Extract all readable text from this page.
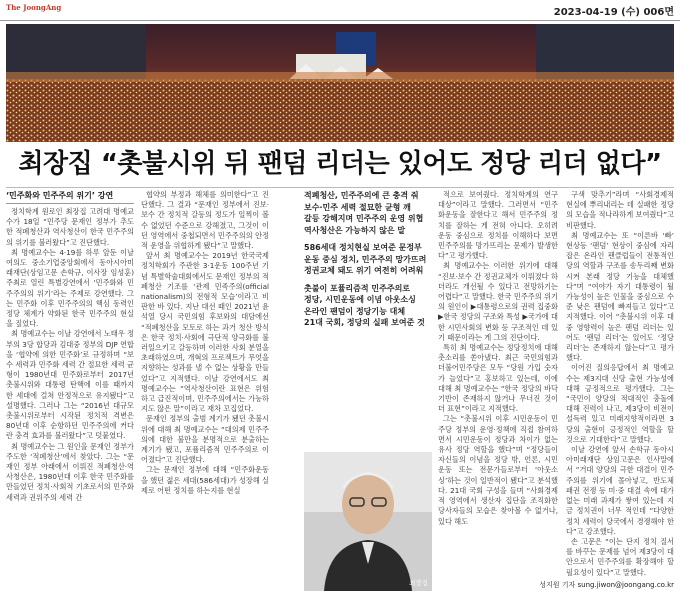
The JoongAng	2023-04-19 (수) 006면
최장집 “촛불시위 뒤 팬덤 리더는 있어도 정당 리더 없다”
‘민주화와 민주주의 위기’ 강연

정치학계 원로인 최장집 고려대 명예교수가 18일 “민주당 문재인 정부가 추도한 적폐청산과 역사청산이 한국 민주주의의 위기를 불러왔다”고 진단했다.

최 명예교수는 4·19를 하루 앞둔 이날 여의도 중소기업중앙회에서 동아시아미래재단(상임고문 손학규, 이사장 임성훈) 주최로 열린 특별강연에서 ‘민주화와 민주주의의 위기’라는 주제로 강연했다. 그는 민주화 이후 민주주의의 핵심 동력인 정당 체계가 약화된 한국 민주주의 현실을 짚었다.

최 명예교수는 이날 강연에서 노태우 정부의 3당 합당과 김대중 정부의 DJP 연합을 ‘협약에 의한 민주화’로 규정하며 “보수 세력과 민주화 세력 간 절묘한 세력 균형이 1980년대 민주화로부터 2017년 촛불시위와 대통령 탄핵에 이를 때까지 한 세대에 걸쳐 안정적으로 유지됐다”고 설명했다. 그러나 그는 “2016년 대규모 촛불시위로부터 시작된 정치적 격변은 80년대 이후 순항하던 민주주의에 커다란 충격 효과를 불러왔다”고 덧붙였다.

최 명예교수는 그 원인을 문재인 정부가 주도한 ‘적폐청산’에서 찾았다. 그는 “문재인 정부 아래에서 이뤄진 적폐청산·역사청산은, 1980년대 이후 한국 민주화를 만들었던 정치·사회적 기초로서의 민주화 세력과 권위주의 세력 간

협약의 부정과 해체를 의미한다”고 진단했다. 그 결과 “문재인 정부에서 진보·보수 간 정치적 갈등의 정도가 일찍이 볼 수 없었던 수준으로 강해졌고, 그것이 이던 영역에서 중첩되면서 민주주의의 안정적 운영을 위협하게 됐다”고 말했다.

앞서 최 명예교수는 2019년 한국국제정치학회가 주관한 3·1운동 100주년 기념 특별학술대회에서도 문재인 정부의 적폐청산 기조를 ‘관제 민족주의(official nationalism)의 전형적 모습’이라고 비판한 바 있다. 지난 대선 때인 2021년 윤석열 당시 국민의힘 후보와의 대담에선 “적폐청산을 모토로 하는 과거 청산 방식은 한국 정치·사회에 극단적 양극화를 불러일으키고 갈등하며 이러한 사회 분열을 초래하였으며, 개혁의 프로젝트가 무엇을 지향하는 성과를 낼 수 없는 상황을 만들었다”고 지적했다. 이날 강연에서도 최 명예교수는 “역사청산이란 표현은 위험하고 급진적이며, 민주주의에서는 가능하지도 않은 말”이라고 재차 꼬집었다.

문재인 정부의 출범 계기가 됐던 촛불시위에 대해 최 명예교수는 “대의제 민주주의에 대한 불만을 분명적으로 분출하는 계기가 됐고, 포퓰리즘적 민주주의로 이어졌다”고 진단했다.

그는 문재인 정부에 대해 “민주화운동을 했던 젊은 세대(586세대)가 성장해 실제로 어떤 정치를 하는지를 현실

적폐청산, 민주주의에 큰 충격 줘
보수·민주 세력 절묘한 균형 깨
갈등 강해지며 민주주의 운영 위협
역사청산은 가능하지 않은 말
586세대 정치현실 보여준 문정부
운동 중심 정치, 민주주의 망가뜨려
정권교체 돼도 위기 여전히 어려워
촛불이 포퓰리즘적 민주주의로
정당, 시민운동에 이념 아웃소싱
온라인 팬덤이 정당기능 대체
21대 국회, 정당의 실패 보여준 것
최장집

적으로 보여줬다. 정치학계의 연구 대상”이라고 말했다. 그러면서 “민주화운동을 잘한다고 해서 민주주의 정치를 잘하는 게 전혀 아니다. 오히려 운동 중심으로 정치를 이해하다 보면 민주주의를 망가뜨리는 문제가 발생한다”고 평가했다.

최 명예교수는 이러한 위기에 대해 “진보·보수 간 정권교체가 이뤄졌다 하더라도 개선될 수 있다고 전망하기는 어렵다”고 말했다. 한국 민주주의 위기의 원인이 ▶대통령으로의 권력 집중화 ▶한국 정당의 구조와 특성 ▶국가에 대한 시민사회의 변화 등 구조적인 데 있기 때문이라는 게 그의 진단이다.

특히 최 명예교수는 정당정치에 대해 촛소리를 쏟아냈다. 최근 국민의힘과 더불어민주당은 모두 “당원 가입 숫자가 늘었다”고 홍보하고 있는데, 이에 대해 최 명예교수는 “한국 정당의 바닥 기반이 존재하지 않거나 무너진 것이 더 표현”이라고 지적했다.

그는 “촛불시위 이후 시민운동이 민주당 정부의 운영·정책에 직접 참여하면서 시민운동이 정당과 차이가 없는 유사 정당 역할을 했다”며 “정당들이 자신들의 이념을 정당 밖, 언론, 시민운동 또는 전문가들로부터 ‘아웃소싱’하는 것이 일반적이 됐다”고 분석했다. 21대 국회 구성을 들며 “사회경제적 영역에서 생산자 집단을 조직화한 당사자들의 모습은 찾아볼 수 없거나, 있다 해도

구색 맞추기”라며 “사회경제적 현실에 뿌리내리는 데 실패한 정당의 모습을 적나라하게 보여줬다”고 비판했다.

최 명예교수는 또 “이른바 ‘빠’ 현상등 ‘팬덤’ 현상이 중심에 자리 잡은 온라인 팬클럽들이 전통적인 당의 역할과 구조를 송두리째 변화시켜 본래 정당 기능을 대체했다”며 “여야가 자기 대통령이 될 가능성이 높은 인물을 중심으로 수준 낮은 팬덤에 빠져들고 있다”고 지적했다. 이어 “촛불시위 이후 대중 영향력이 높은 팬덤 리더는 있어도 ‘팬덤 리더’는 있어도 ‘정당 리더’는 존재하지 않는다”고 평가했다.

이어진 질의응답에서 최 명예교수는 제3지대 신당 출현 가능성에 대해 긍정적으로 평가했다. 그는 “국민이 양당의 적대적인 충돌에 대해 진력이 나고, 제3당이 비전이 설득력 있고 미래지향적이라면 3당의 출현이 긍정적인 역할을 할 것으로 기대한다”고 말했다.

이날 강연에 앞서 손학규 동아시아미래재단 상임고문은 인사말에서 “거대 양당의 극한 대결이 민주주의를 위기에 몰아넣고, 반도체 패권 전쟁 등 미·중 대결 속에 대가 없는 미래 과제가 쌓여 있는데 지금 정치권이 너무 적인데 “다양한 정치 세력이 당국에서 경쟁해야 한다”고 강조했다.

손 고문은 “이는 단지 정치 질서를 바꾸는 문제를 넘어 제3당이 대안으로서 민주주의를 확장해야 할 필요성이 있다”고 말했다.

성지원 기자 sung.jiwon@joongang.co.kr
